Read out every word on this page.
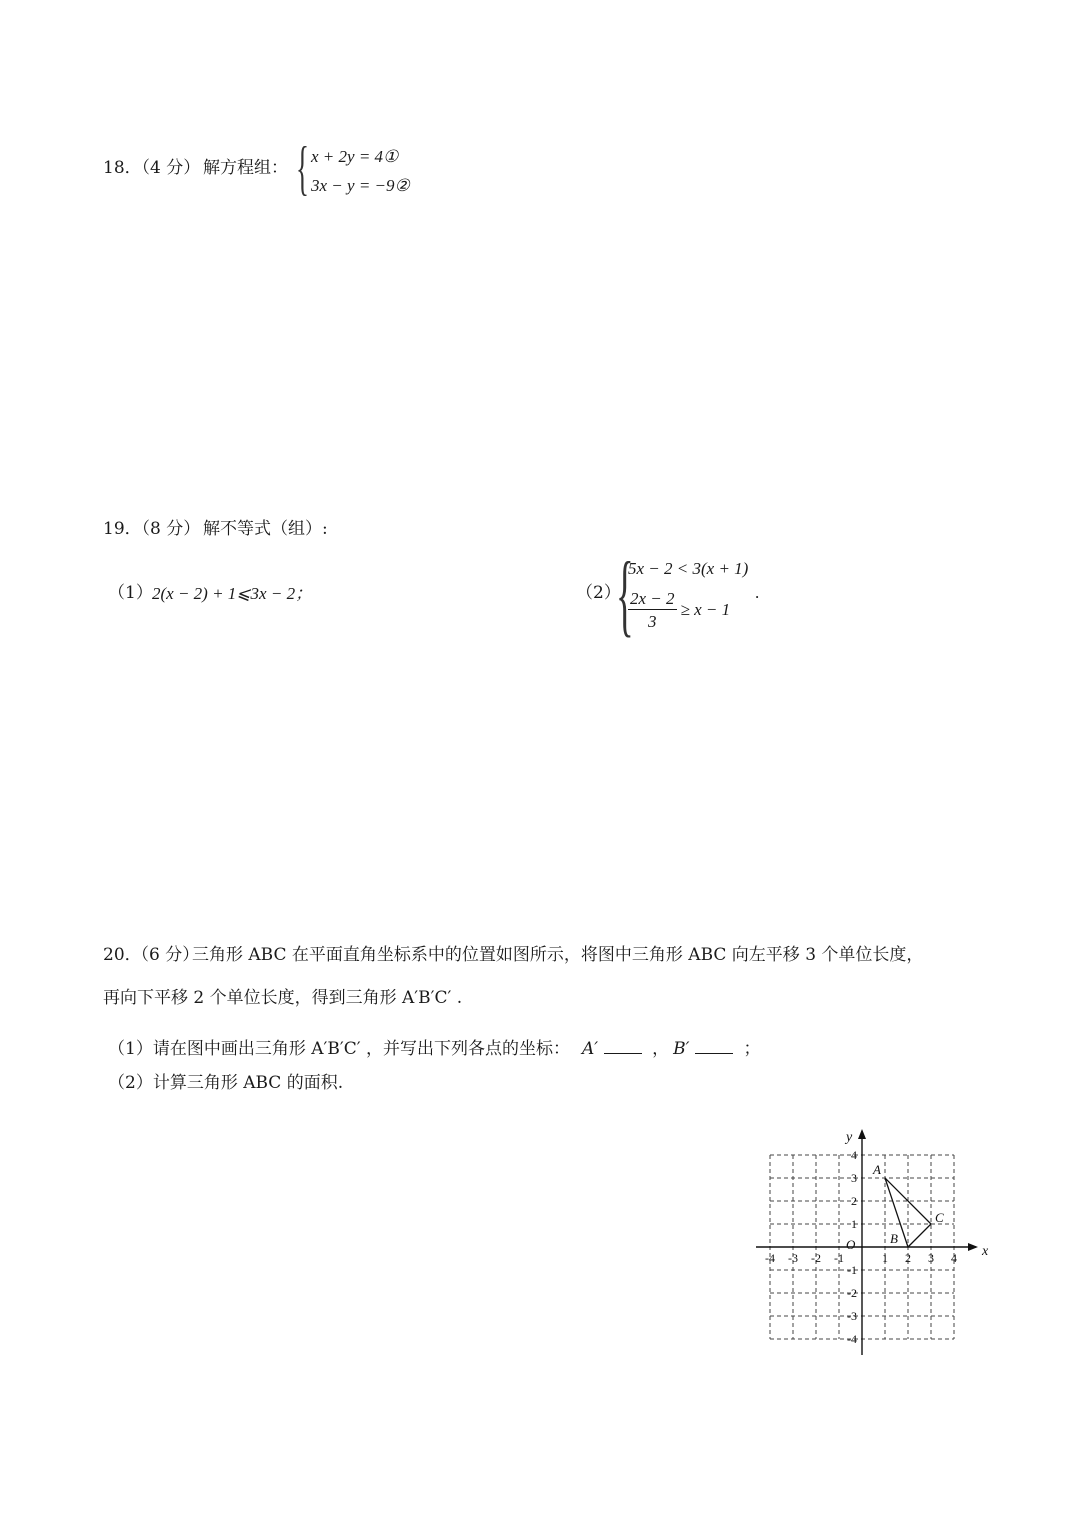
18．
（4 分） 解方程组： { x + 2y = 4①
3x − y = −9②
19．
（8 分） 解不等式（组）:
（1） 2(x − 2) + 1⩽3x − 2；	（2）
{
5x − 2 < 3(x + 1)
$\frac{2x - 2}{3} \ge x - 1$
.
20．
（6 分）
三角形 ABC 在平面直角坐标系中的位置如图所示，将图中三角形 ABC 向左平移 3 个单位长度，
再向下平移 2 个单位长度，得到三角形 A′B′C′ .
（1）请在图中画出三角形 A′B′C′ ，并写出下列各点的坐标： A′	， B′	；
（2）计算三角形 ABC 的面积.
x
y
O
-4 -3 -2 -1	1 2 3 4
4
3
2
1
-1
-2
-3
-4
A
B
C
